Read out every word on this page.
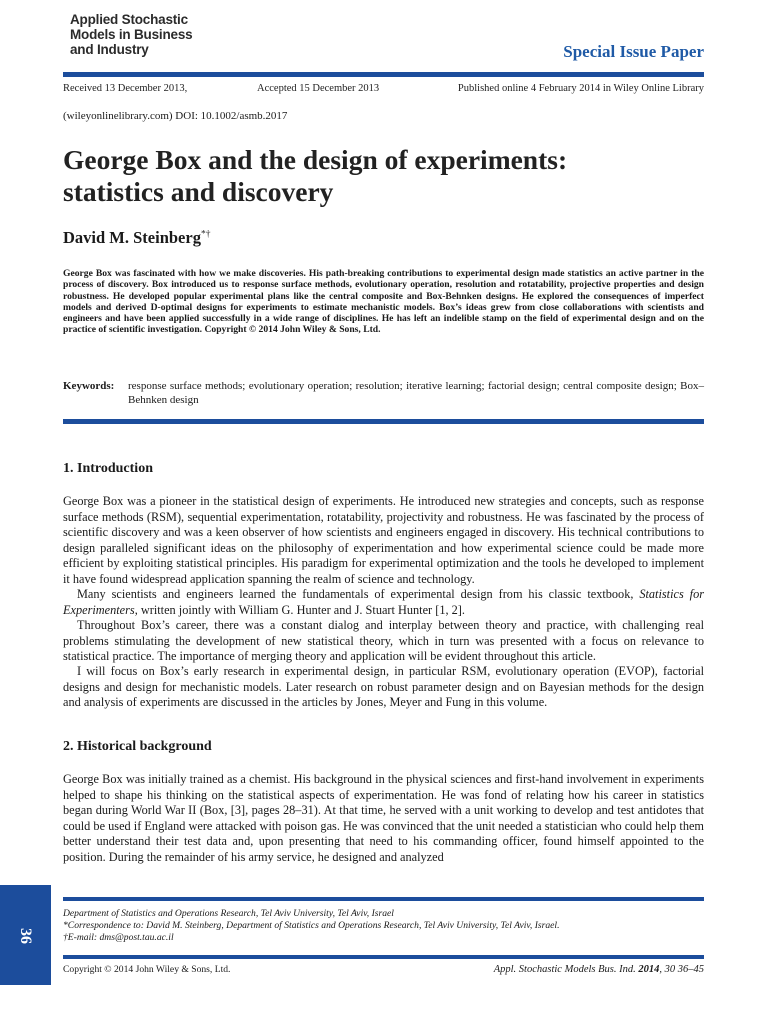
Applied Stochastic
Models in Business
and Industry	Special Issue Paper
Received 13 December 2013,	Accepted 15 December 2013	Published online 4 February 2014 in Wiley Online Library
(wileyonlinelibrary.com) DOI: 10.1002/asmb.2017
George Box and the design of experiments:
statistics and discovery
David M. Steinberg*†
George Box was fascinated with how we make discoveries. His path-breaking contributions to experimental design made statistics an active partner in the process of discovery. Box introduced us to response surface methods, evolutionary operation, resolution and rotatability, projective properties and design robustness. He developed popular experimental plans like the central composite and Box-Behnken designs. He explored the consequences of imperfect models and derived D-optimal designs for experiments to estimate mechanistic models. Box’s ideas grew from close collaborations with scientists and engineers and have been applied successfully in a wide range of disciplines. He has left an indelible stamp on the field of experimental design and on the practice of scientific investigation. Copyright © 2014 John Wiley & Sons, Ltd.
Keywords: response surface methods; evolutionary operation; resolution; iterative learning; factorial design; central composite design; Box–Behnken design
1. Introduction
George Box was a pioneer in the statistical design of experiments. He introduced new strategies and concepts, such as response surface methods (RSM), sequential experimentation, rotatability, projectivity and robustness. He was fascinated by the process of scientific discovery and was a keen observer of how scientists and engineers engaged in discovery. His technical contributions to design paralleled significant ideas on the philosophy of experimentation and how experimental science could be made more efficient by exploiting statistical principles. His paradigm for experimental optimization and the tools he developed to implement it have found widespread application spanning the realm of science and technology.
Many scientists and engineers learned the fundamentals of experimental design from his classic textbook, Statistics for Experimenters, written jointly with William G. Hunter and J. Stuart Hunter [1, 2].
Throughout Box’s career, there was a constant dialog and interplay between theory and practice, with challenging real problems stimulating the development of new statistical theory, which in turn was presented with a focus on relevance to statistical practice. The importance of merging theory and application will be evident throughout this article.
I will focus on Box’s early research in experimental design, in particular RSM, evolutionary operation (EVOP), factorial designs and design for mechanistic models. Later research on robust parameter design and on Bayesian methods for the design and analysis of experiments are discussed in the articles by Jones, Meyer and Fung in this volume.
2. Historical background
George Box was initially trained as a chemist. His background in the physical sciences and first-hand involvement in experiments helped to shape his thinking on the statistical aspects of experimentation. He was fond of relating how his career in statistics began during World War II (Box, [3], pages 28–31). At that time, he served with a unit working to develop and test antidotes that could be used if England were attacked with poison gas. He was convinced that the unit needed a statistician who could help them better understand their test data and, upon presenting that need to his commanding officer, found himself appointed to the position. During the remainder of his army service, he designed and analyzed
Department of Statistics and Operations Research, Tel Aviv University, Tel Aviv, Israel
*Correspondence to: David M. Steinberg, Department of Statistics and Operations Research, Tel Aviv University, Tel Aviv, Israel.
†E-mail: dms@post.tau.ac.il
36
Copyright © 2014 John Wiley & Sons, Ltd.	Appl. Stochastic Models Bus. Ind. 2014, 30 36–45
